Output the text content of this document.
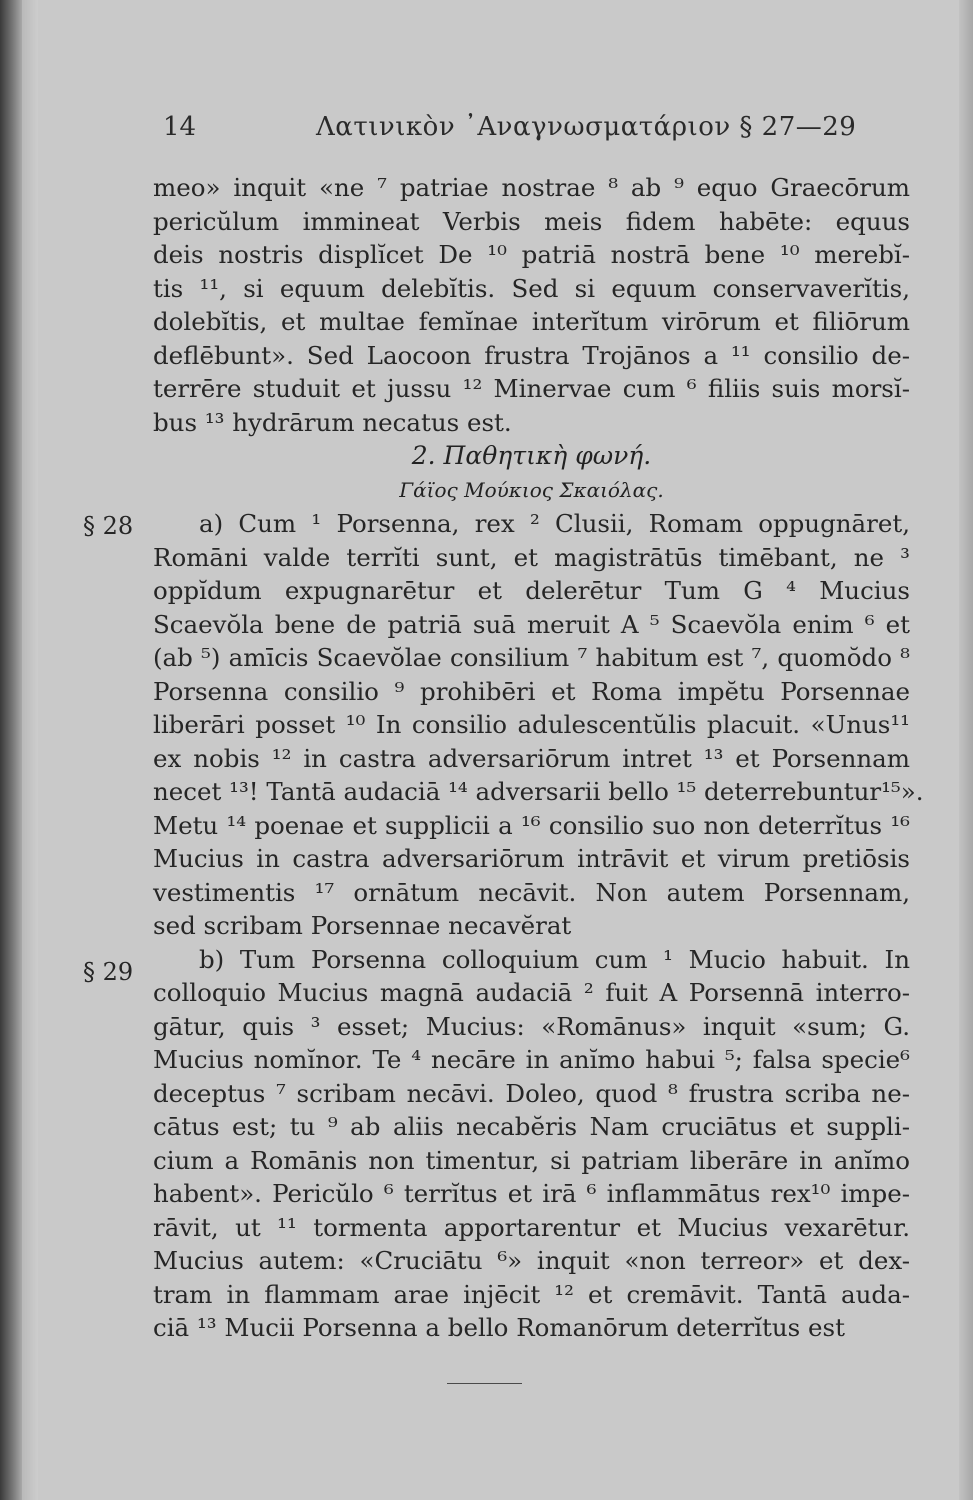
14	Λατινικὸν ᾿Αναγνωσματάριον § 27—29
§ 28
§ 29
meo» inquit «ne ⁷ patriae nostrae ⁸ ab ⁹ equo Graecōrum
pericŭlum immineat Verbis meis fidem habēte: equus
deis nostris displĭcet De ¹⁰ patriā nostrā bene ¹⁰ merebĭ-
tis ¹¹, si equum delebĭtis. Sed si equum conservaverĭtis,
dolebĭtis, et multae femĭnae interĭtum virōrum et filiōrum
deflēbunt». Sed Laocoon frustra Trojānos a ¹¹ consilio de-
terrēre studuit et jussu ¹² Minervae cum ⁶ filiis suis morsĭ-
bus ¹³ hydrārum necatus est.
2. Παθητικὴ φωνή.
Γάϊος Μούκιος Σκαιόλας.
a) Cum ¹ Porsenna, rex ² Clusii, Romam oppugnāret,
Romāni valde terrĭti sunt, et magistrātūs timēbant, ne ³
oppĭdum expugnarētur et delerētur Tum G ⁴ Mucius
Scaevŏla bene de patriā suā meruit A ⁵ Scaevŏla enim ⁶ et
(ab ⁵) amīcis Scaevŏlae consilium ⁷ habitum est ⁷, quomŏdo ⁸
Porsenna consilio ⁹ prohibēri et Roma impĕtu Porsennae
liberāri posset ¹⁰ In consilio adulescentŭlis placuit. «Unus¹¹
ex nobis ¹² in castra adversariōrum intret ¹³ et Porsennam
necet ¹³! Tantā audaciā ¹⁴ adversarii bello ¹⁵ deterrebuntur¹⁵».
Metu ¹⁴ poenae et supplicii a ¹⁶ consilio suo non deterrĭtus ¹⁶
Mucius in castra adversariōrum intrāvit et virum pretiōsis
vestimentis ¹⁷ ornātum necāvit. Non autem Porsennam,
sed scribam Porsennae necavĕrat
b) Tum Porsenna colloquium cum ¹ Mucio habuit. In
colloquio Mucius magnā audaciā ² fuit A Porsennā interro-
gātur, quis ³ esset; Mucius: «Romānus» inquit «sum; G.
Mucius nomĭnor. Te ⁴ necāre in anĭmo habui ⁵; falsa specie⁶
deceptus ⁷ scribam necāvi. Doleo, quod ⁸ frustra scriba ne-
cātus est; tu ⁹ ab aliis necabĕris Nam cruciātus et suppli-
cium a Romānis non timentur, si patriam liberāre in anĭmo
habent». Pericŭlo ⁶ terrĭtus et irā ⁶ inflammātus rex¹⁰ impe-
rāvit, ut ¹¹ tormenta apportarentur et Mucius vexarētur.
Mucius autem: «Cruciātu ⁶» inquit «non terreor» et dex-
tram in flammam arae injēcit ¹² et cremāvit. Tantā auda-
ciā ¹³ Mucii Porsenna a bello Romanōrum deterrĭtus est
